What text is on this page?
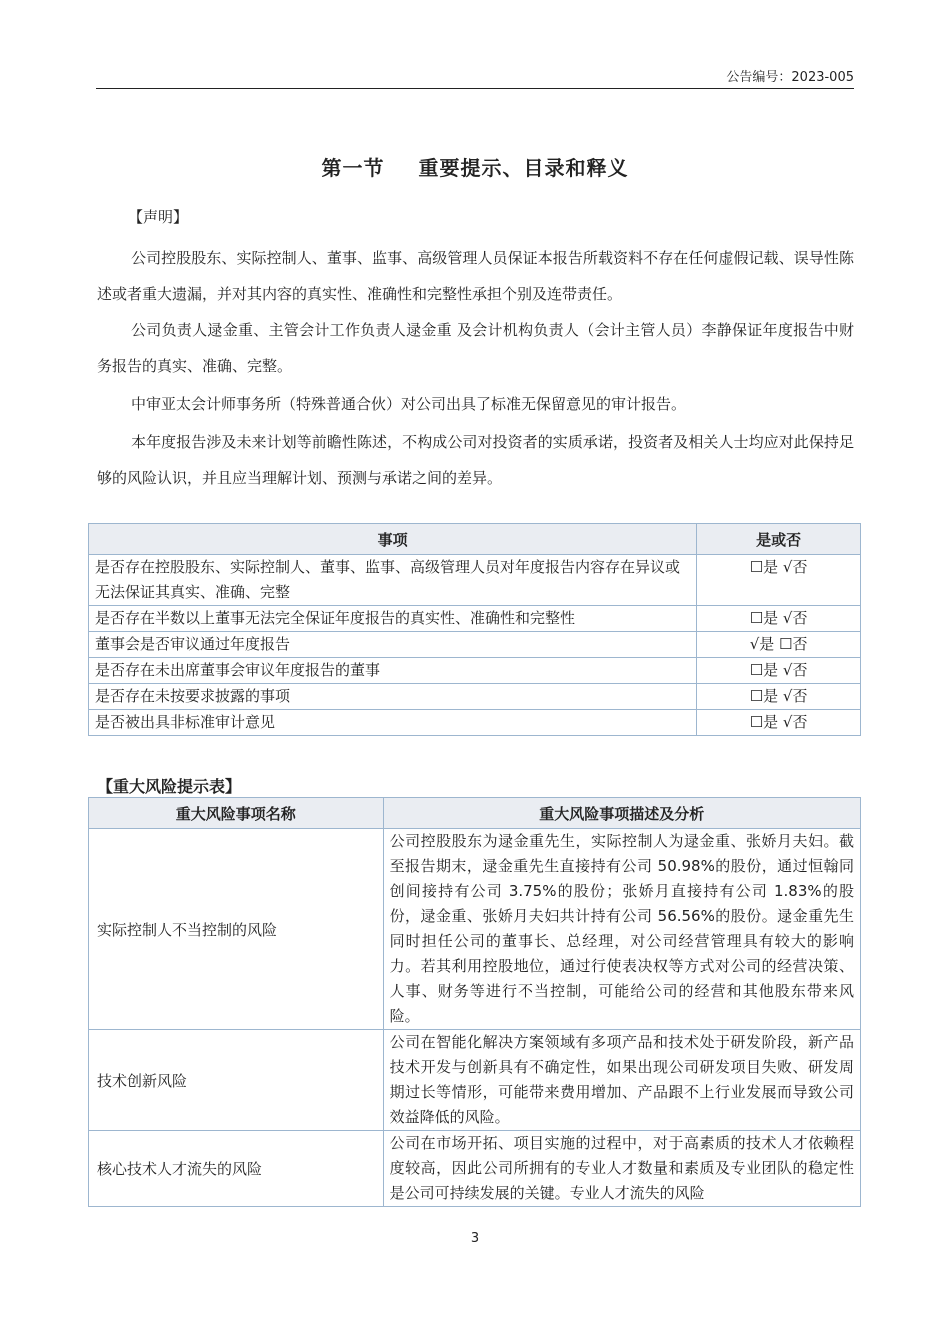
公告编号：2023-005
第一节 重要提示、目录和释义
【声明】

公司控股股东、实际控制人、董事、监事、高级管理人员保证本报告所载资料不存在任何虚假记载、误导性陈述或者重大遗漏，并对其内容的真实性、准确性和完整性承担个别及连带责任。

公司负责人逯金重、主管会计工作负责人逯金重 及会计机构负责人（会计主管人员）李静保证年度报告中财务报告的真实、准确、完整。

中审亚太会计师事务所（特殊普通合伙）对公司出具了标准无保留意见的审计报告。

本年度报告涉及未来计划等前瞻性陈述，不构成公司对投资者的实质承诺，投资者及相关人士均应对此保持足够的风险认识，并且应当理解计划、预测与承诺之间的差异。

事项	是或否
是否存在控股股东、实际控制人、董事、监事、高级管理人员对年度报告内容存在异议或无法保证其真实、准确、完整	☐是 √否
是否存在半数以上董事无法完全保证年度报告的真实性、准确性和完整性	☐是 √否
董事会是否审议通过年度报告	√是 ☐否
是否存在未出席董事会审议年度报告的董事	☐是 √否
是否存在未按要求披露的事项	☐是 √否
是否被出具非标准审计意见	☐是 √否
【重大风险提示表】
重大风险事项名称	重大风险事项描述及分析
实际控制人不当控制的风险	公司控股股东为逯金重先生，实际控制人为逯金重、张娇月夫妇。截至报告期末，逯金重先生直接持有公司 50.98%的股份，通过恒翰同创间接持有公司 3.75%的股份；张娇月直接持有公司 1.83%的股份，逯金重、张娇月夫妇共计持有公司 56.56%的股份。逯金重先生同时担任公司的董事长、总经理，对公司经营管理具有较大的影响力。若其利用控股地位，通过行使表决权等方式对公司的经营决策、人事、财务等进行不当控制，可能给公司的经营和其他股东带来风险。
技术创新风险	公司在智能化解决方案领域有多项产品和技术处于研发阶段，新产品技术开发与创新具有不确定性，如果出现公司研发项目失败、研发周期过长等情形，可能带来费用增加、产品跟不上行业发展而导致公司效益降低的风险。
核心技术人才流失的风险	公司在市场开拓、项目实施的过程中，对于高素质的技术人才依赖程度较高，因此公司所拥有的专业人才数量和素质及专业团队的稳定性是公司可持续发展的关键。专业人才流失的风险
3
